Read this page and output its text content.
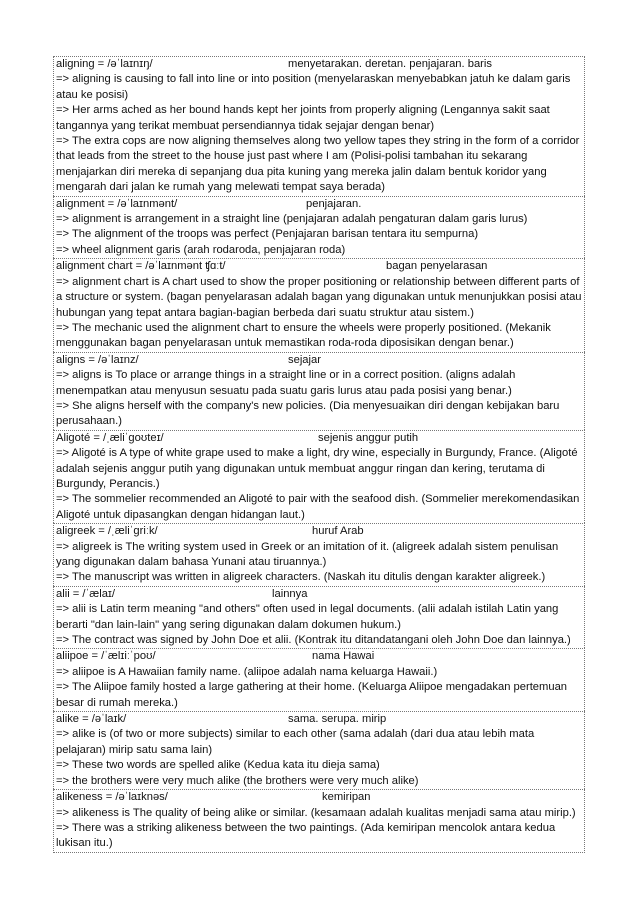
aligning = /əˈlaɪnɪŋ/	menyetarakan. deretan. penjajaran. baris
=> aligning is causing to fall into line or into position (menyelaraskan menyebabkan jatuh ke dalam garis atau ke posisi)
=> Her arms ached as her bound hands kept her joints from properly aligning (Lengannya sakit saat tangannya yang terikat membuat persendiannya tidak sejajar dengan benar)
=> The extra cops are now aligning themselves along two yellow tapes they string in the form of a corridor that leads from the street to the house just past where I am (Polisi-polisi tambahan itu sekarang menjajarkan diri mereka di sepanjang dua pita kuning yang mereka jalin dalam bentuk koridor yang mengarah dari jalan ke rumah yang melewati tempat saya berada)
alignment = /əˈlaɪnmənt/	penjajaran.
=> alignment is arrangement in a straight line (penjajaran adalah pengaturan dalam garis lurus)
=> The alignment of the troops was perfect (Penjajaran barisan tentara itu sempurna)
=> wheel alignment garis (arah rodaroda, penjajaran roda)
alignment chart = /əˈlaɪnmənt ʧɑːt/	bagan penyelarasan
=> alignment chart is A chart used to show the proper positioning or relationship between different parts of a structure or system. (bagan penyelarasan adalah bagan yang digunakan untuk menunjukkan posisi atau hubungan yang tepat antara bagian-bagian berbeda dari suatu struktur atau sistem.)
=> The mechanic used the alignment chart to ensure the wheels were properly positioned. (Mekanik menggunakan bagan penyelarasan untuk memastikan roda-roda diposisikan dengan benar.)
aligns = /əˈlaɪnz/	sejajar
=> aligns is To place or arrange things in a straight line or in a correct position. (aligns adalah menempatkan atau menyusun sesuatu pada suatu garis lurus atau pada posisi yang benar.)
=> She aligns herself with the company's new policies. (Dia menyesuaikan diri dengan kebijakan baru perusahaan.)
Aligoté = /ˌæliˈɡoʊteɪ/	sejenis anggur putih
=> Aligoté is A type of white grape used to make a light, dry wine, especially in Burgundy, France. (Aligoté adalah sejenis anggur putih yang digunakan untuk membuat anggur ringan dan kering, terutama di Burgundy, Perancis.)
=> The sommelier recommended an Aligoté to pair with the seafood dish. (Sommelier merekomendasikan Aligoté untuk dipasangkan dengan hidangan laut.)
aligreek = /ˌæliˈɡriːk/	huruf Arab
=> aligreek is The writing system used in Greek or an imitation of it. (aligreek adalah sistem penulisan yang digunakan dalam bahasa Yunani atau tiruannya.)
=> The manuscript was written in aligreek characters. (Naskah itu ditulis dengan karakter aligreek.)
alii = /ˈælaɪ/	lainnya
=> alii is Latin term meaning "and others" often used in legal documents. (alii adalah istilah Latin yang berarti "dan lain-lain" yang sering digunakan dalam dokumen hukum.)
=> The contract was signed by John Doe et alii. (Kontrak itu ditandatangani oleh John Doe dan lainnya.)
aliipoe = /ˈælɪiːˈpoʊ/	nama Hawai
=> aliipoe is A Hawaiian family name. (aliipoe adalah nama keluarga Hawaii.)
=> The Aliipoe family hosted a large gathering at their home. (Keluarga Aliipoe mengadakan pertemuan besar di rumah mereka.)
alike = /əˈlaɪk/	sama. serupa. mirip
=> alike is (of two or more subjects) similar to each other (sama adalah (dari dua atau lebih mata pelajaran) mirip satu sama lain)
=> These two words are spelled alike (Kedua kata itu dieja sama)
=> the brothers were very much alike (the brothers were very much alike)
alikeness = /əˈlaɪknəs/	kemiripan
=> alikeness is The quality of being alike or similar. (kesamaan adalah kualitas menjadi sama atau mirip.)
=> There was a striking alikeness between the two paintings. (Ada kemiripan mencolok antara kedua lukisan itu.)
